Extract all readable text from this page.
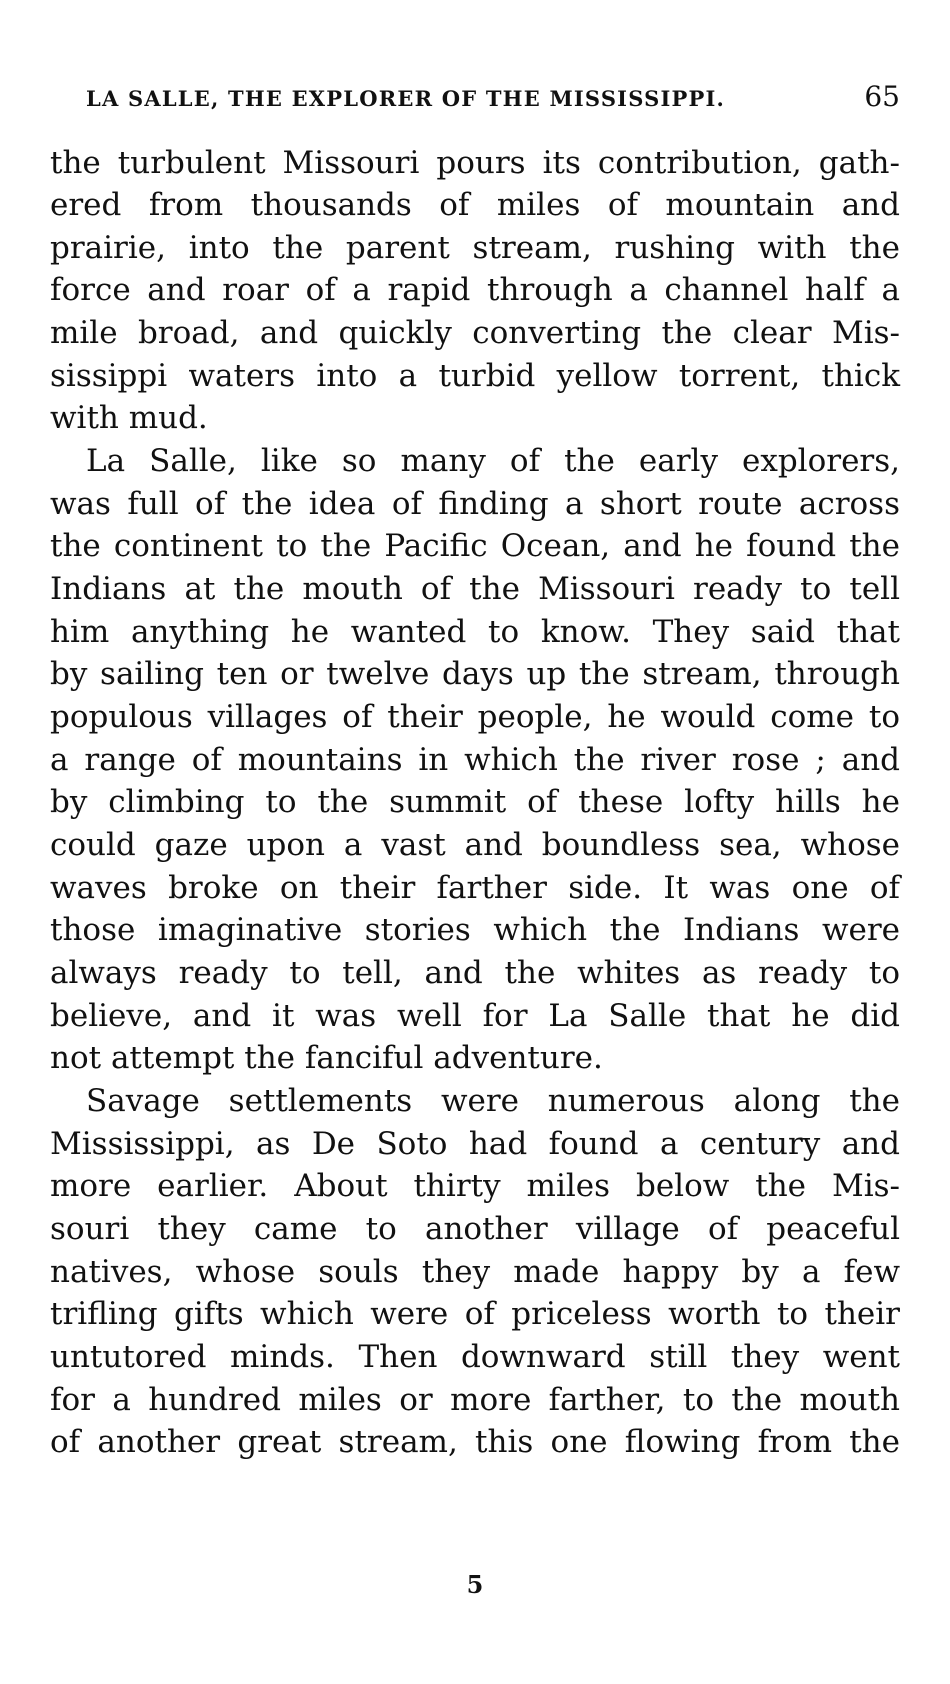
LA SALLE, THE EXPLORER OF THE MISSISSIPPI.	65
the turbulent Missouri pours its contribution, gath-
ered from thousands of miles of mountain and
prairie, into the parent stream, rushing with the
force and roar of a rapid through a channel half a
mile broad, and quickly converting the clear Mis-
sissippi waters into a turbid yellow torrent, thick
with mud.
La Salle, like so many of the early explorers,
was full of the idea of finding a short route across
the continent to the Pacific Ocean, and he found the
Indians at the mouth of the Missouri ready to tell
him anything he wanted to know. They said that
by sailing ten or twelve days up the stream, through
populous villages of their people, he would come to
a range of mountains in which the river rose ; and
by climbing to the summit of these lofty hills he
could gaze upon a vast and boundless sea, whose
waves broke on their farther side. It was one of
those imaginative stories which the Indians were
always ready to tell, and the whites as ready to
believe, and it was well for La Salle that he did
not attempt the fanciful adventure.
Savage settlements were numerous along the
Mississippi, as De Soto had found a century and
more earlier. About thirty miles below the Mis-
souri they came to another village of peaceful
natives, whose souls they made happy by a few
trifling gifts which were of priceless worth to their
untutored minds. Then downward still they went
for a hundred miles or more farther, to the mouth
of another great stream, this one flowing from the
5
